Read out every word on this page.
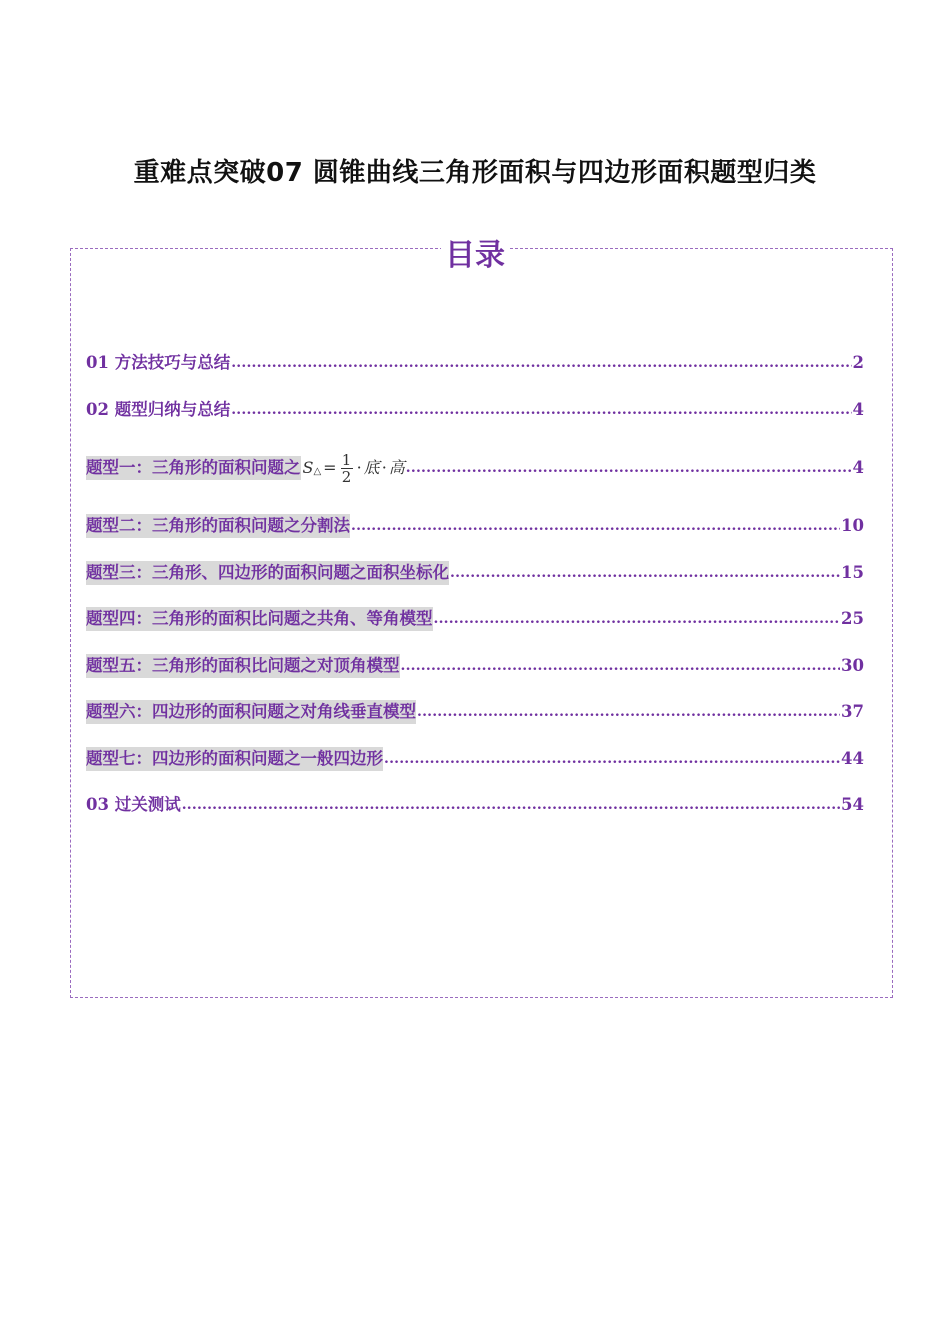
重难点突破07 圆锥曲线三角形面积与四边形面积题型归类
目录
01 方法技巧与总结 .....	2
02 题型归纳与总结 .....	4
题型一：三角形的面积问题之 S △ = $\frac{1}{2}$ · 底 · 高 .....	4
题型二：三角形的面积问题之分割法 .....	10
题型三：三角形、四边形的面积问题之面积坐标化 .....	15
题型四：三角形的面积比问题之共角、等角模型 .....	25
题型五：三角形的面积比问题之对顶角模型 .....	30
题型六：四边形的面积问题之对角线垂直模型 .....	37
题型七：四边形的面积问题之一般四边形 .....	44
03 过关测试 .....	54
